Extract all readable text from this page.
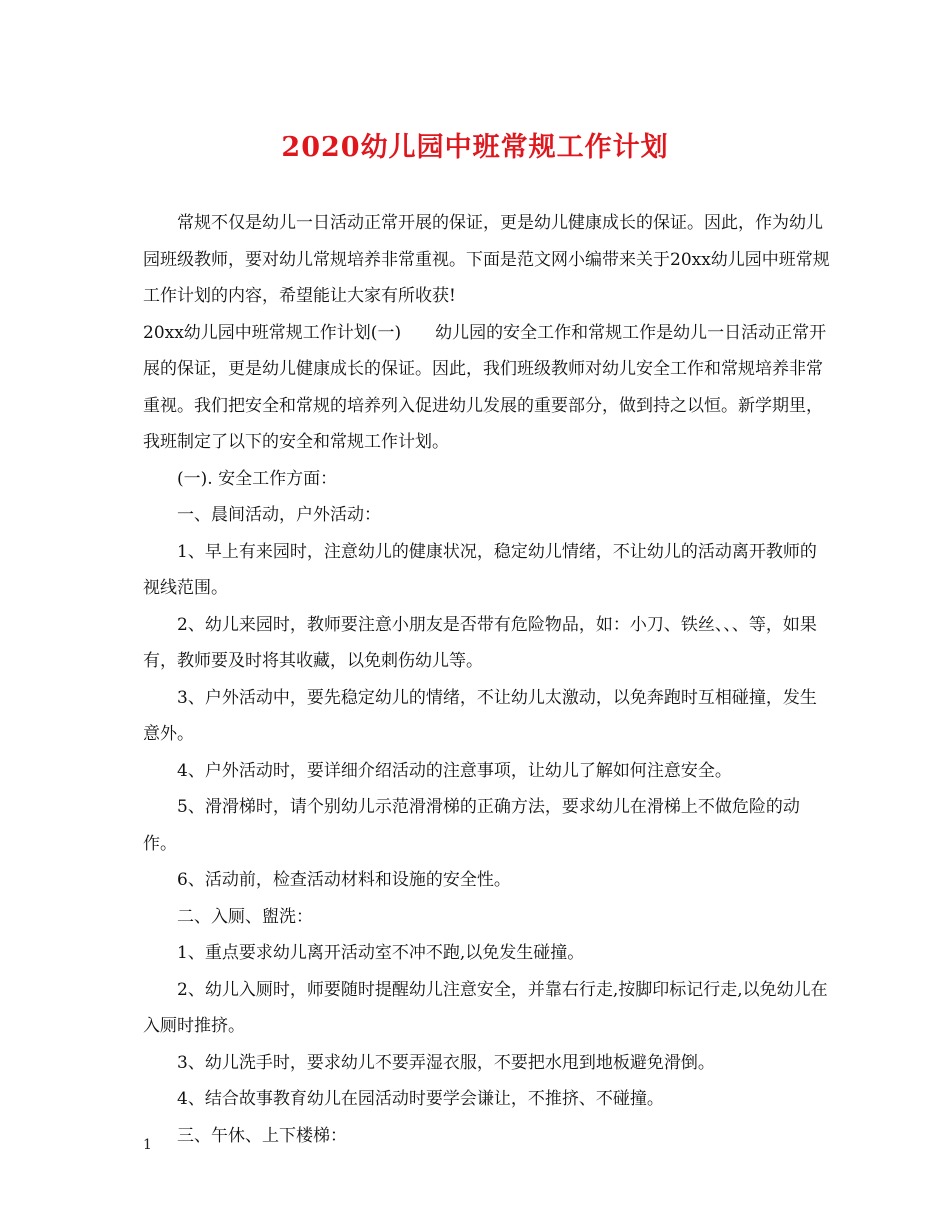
2020幼儿园中班常规工作计划

常规不仅是幼儿一日活动正常开展的保证，更是幼儿健康成长的保证。因此，作为幼儿园班级教师，要对幼儿常规培养非常重视。下面是范文网小编带来关于20xx幼儿园中班常规工作计划的内容，希望能让大家有所收获!

20xx幼儿园中班常规工作计划(一)　　幼儿园的安全工作和常规工作是幼儿一日活动正常开展的保证，更是幼儿健康成长的保证。因此，我们班级教师对幼儿安全工作和常规培养非常重视。我们把安全和常规的培养列入促进幼儿发展的重要部分，做到持之以恒。新学期里，我班制定了以下的安全和常规工作计划。

(一). 安全工作方面：

一、晨间活动，户外活动：

1、早上有来园时，注意幼儿的健康状况，稳定幼儿情绪，不让幼儿的活动离开教师的视线范围。

2、幼儿来园时，教师要注意小朋友是否带有危险物品，如：小刀、铁丝、、、等，如果有，教师要及时将其收藏，以免刺伤幼儿等。

3、户外活动中，要先稳定幼儿的情绪，不让幼儿太激动，以免奔跑时互相碰撞，发生意外。

4、户外活动时，要详细介绍活动的注意事项，让幼儿了解如何注意安全。

5、滑滑梯时，请个别幼儿示范滑滑梯的正确方法，要求幼儿在滑梯上不做危险的动作。

6、活动前，检查活动材料和设施的安全性。

二、入厕、盥洗：

1、重点要求幼儿离开活动室不冲不跑,以免发生碰撞。

2、幼儿入厕时，师要随时提醒幼儿注意安全，并靠右行走,按脚印标记行走,以免幼儿在入厕时推挤。

3、幼儿洗手时，要求幼儿不要弄湿衣服，不要把水甩到地板避免滑倒。

4、结合故事教育幼儿在园活动时要学会谦让，不推挤、不碰撞。

三、午休、上下楼梯：

1
